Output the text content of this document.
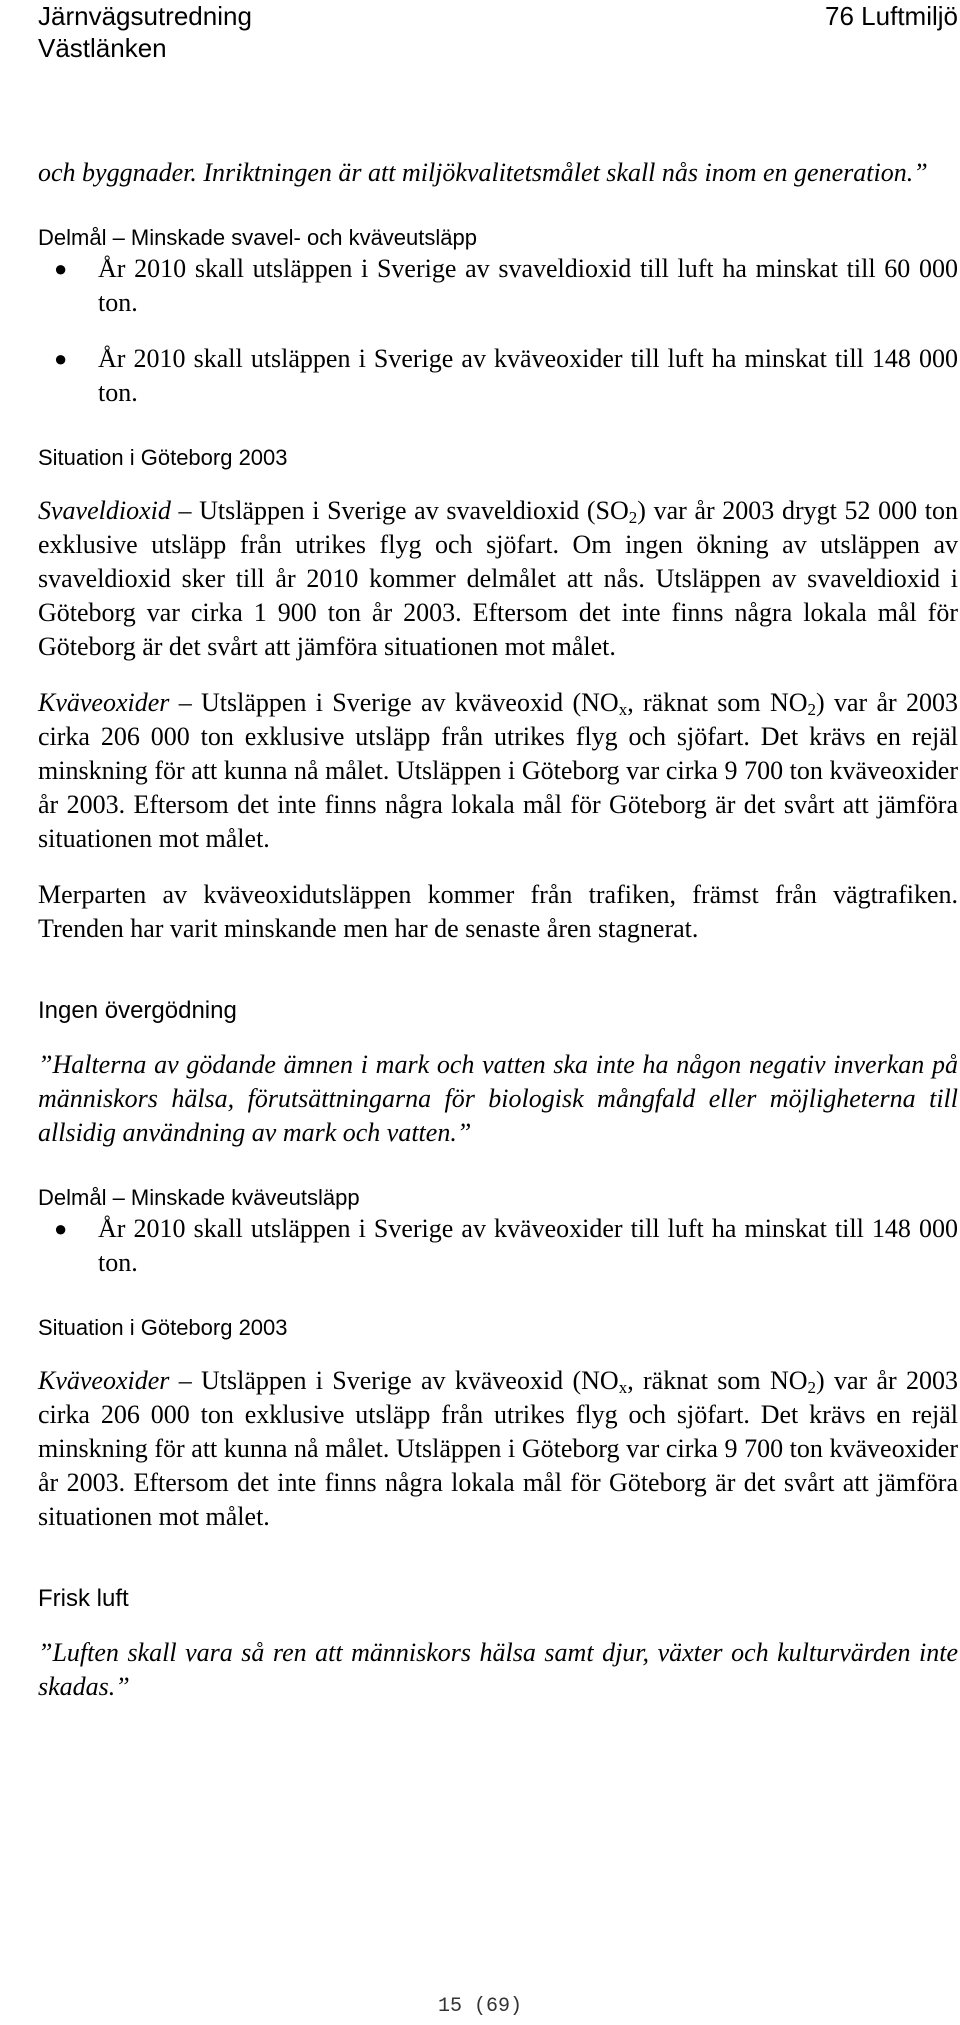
Järnvägsutredning
Västlänken
76 Luftmiljö

och byggnader. Inriktningen är att miljökvalitetsmålet skall nås inom en generation.”

Delmål – Minskade svavel- och kväveutsläpp
● År 2010 skall utsläppen i Sverige av svaveldioxid till luft ha minskat till 60 000 ton.
● År 2010 skall utsläppen i Sverige av kväveoxider till luft ha minskat till 148 000 ton.
Situation i Göteborg 2003

Svaveldioxid – Utsläppen i Sverige av svaveldioxid $(SO_2)$ var år 2003 drygt 52 000 ton exklusive utsläpp från utrikes flyg och sjöfart. Om ingen ökning av utsläppen av svaveldioxid sker till år 2010 kommer delmålet att nås. Utsläppen av svaveldioxid i Göteborg var cirka 1 900 ton år 2003. Eftersom det inte finns några lokala mål för Göteborg är det svårt att jämföra situationen mot målet.

Kväveoxider – Utsläppen i Sverige av kväveoxid ($NO_x$, räknat som $NO_2$) var år 2003 cirka 206 000 ton exklusive utsläpp från utrikes flyg och sjöfart. Det krävs en rejäl minskning för att kunna nå målet. Utsläppen i Göteborg var cirka 9 700 ton kväveoxider år 2003. Eftersom det inte finns några lokala mål för Göteborg är det svårt att jämföra situationen mot målet.

Merparten av kväveoxidutsläppen kommer från trafiken, främst från vägtrafiken. Trenden har varit minskande men har de senaste åren stagnerat.

Ingen övergödning

”Halterna av gödande ämnen i mark och vatten ska inte ha någon negativ inverkan på människors hälsa, förutsättningarna för biologisk mångfald eller möjligheterna till allsidig användning av mark och vatten.”

Delmål – Minskade kväveutsläpp
● År 2010 skall utsläppen i Sverige av kväveoxider till luft ha minskat till 148 000 ton.
Situation i Göteborg 2003

Kväveoxider – Utsläppen i Sverige av kväveoxid ($NO_x$, räknat som $NO_2$) var år 2003 cirka 206 000 ton exklusive utsläpp från utrikes flyg och sjöfart. Det krävs en rejäl minskning för att kunna nå målet. Utsläppen i Göteborg var cirka 9 700 ton kväveoxider år 2003. Eftersom det inte finns några lokala mål för Göteborg är det svårt att jämföra situationen mot målet.

Frisk luft

”Luften skall vara så ren att människors hälsa samt djur, växter och kulturvärden inte skadas.”

15 (69)
